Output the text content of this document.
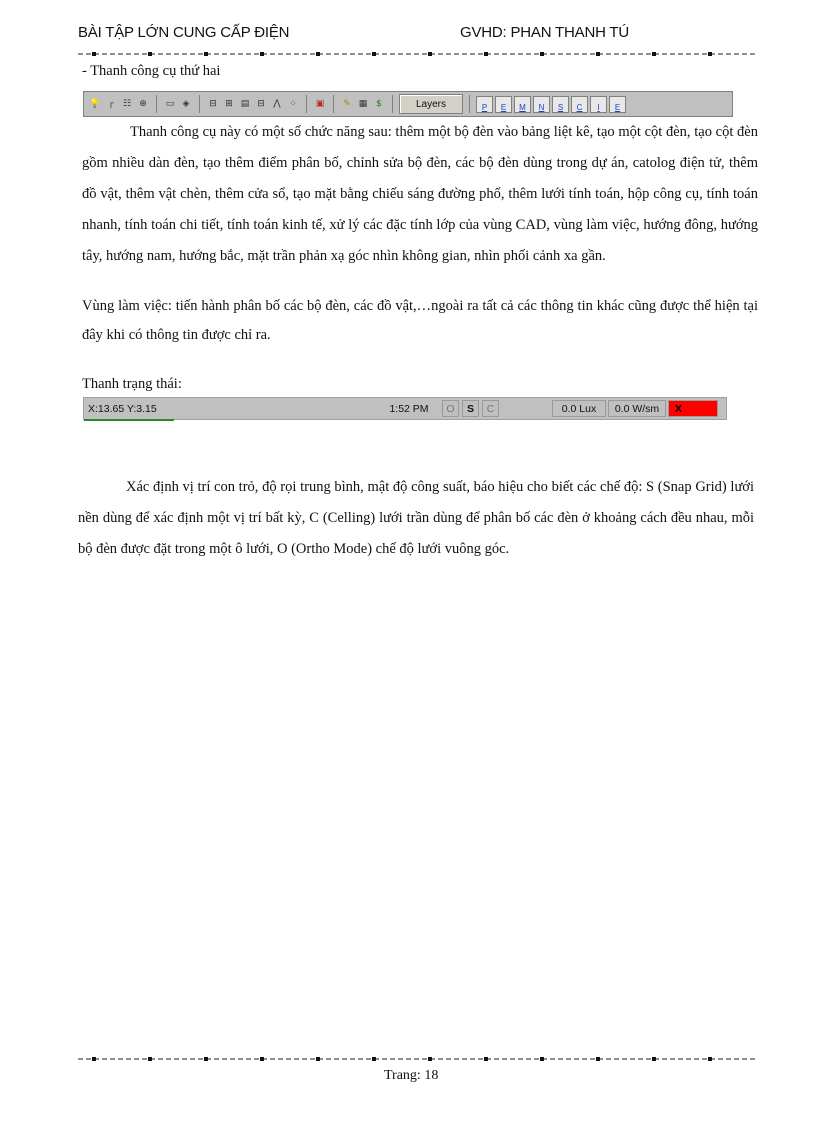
BÀI TẬP LỚN CUNG CẤP ĐIỆN	GVHD: PHAN THANH TÚ
- Thanh công cụ thứ hai
💡 ┌	☷ ⊕	▭ ◈	⊟ ⊞ ▤ ⊟ ⋀ ⁘	▣	✎ ▦ $	Layers	P	E	M	N	S	C	I	E

Thanh công cụ này có một số chức năng sau: thêm một bộ đèn vào bảng liệt kê, tạo một cột đèn, tạo cột đèn gồm nhiều dàn đèn, tạo thêm điểm phân bố, chỉnh sửa bộ đèn, các bộ đèn dùng trong dự án, catolog điện tử, thêm đồ vật, thêm vật chèn, thêm cửa sổ, tạo mặt bằng chiếu sáng đường phố, thêm lưới tính toán, hộp công cụ, tính toán nhanh, tính toán chi tiết, tính toán kinh tế, xử lý các đặc tính lớp của vùng CAD, vùng làm việc, hướng đông, hướng tây, hướng nam, hướng bắc, mặt trần phản xạ góc nhìn không gian, nhìn phối cảnh xa gần.

Vùng làm việc: tiến hành phân bố các bộ đèn, các đồ vật,…ngoài ra tất cả các thông tin khác cũng được thể hiện tại đây khi có thông tin được chỉ ra.

Thanh trạng thái:
X:13.65 Y:3.15	1:52 PM	O	S	C	0.0 Lux	0.0 W/sm	X

Xác định vị trí con trỏ, độ rọi trung bình, mật độ công suất, báo hiệu cho biết các chế độ: S (Snap Grid) lưới nền dùng để xác định một vị trí bất kỳ, C (Celling) lưới trần dùng để phân bố các đèn ở khoảng cách đều nhau, mỗi bộ đèn được đặt trong một ô lưới, O (Ortho Mode) chế độ lưới vuông góc.

Trang: 18
